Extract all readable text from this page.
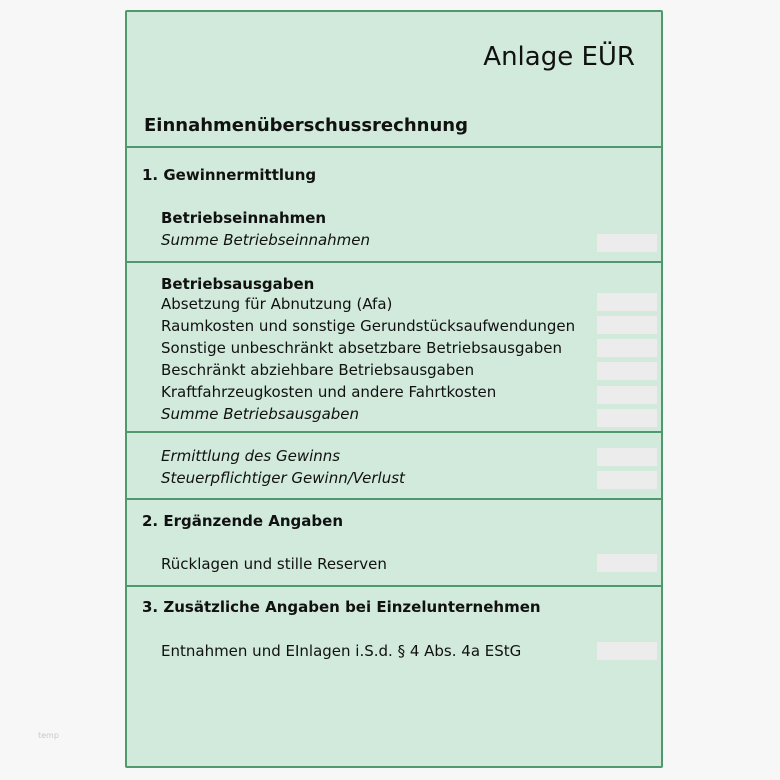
Anlage EÜR
Einnahmenüberschussrechnung
1. Gewinnermittlung
Betriebseinnahmen
Summe Betriebseinnahmen
Betriebsausgaben
Absetzung für Abnutzung (Afa)
Raumkosten und sonstige Gerundstücksaufwendungen
Sonstige unbeschränkt absetzbare Betriebsausgaben
Beschränkt abziehbare Betriebsausgaben
Kraftfahrzeugkosten und andere Fahrtkosten
Summe Betriebsausgaben
Ermittlung des Gewinns
Steuerpflichtiger Gewinn/Verlust
2. Ergänzende Angaben
Rücklagen und stille Reserven
3. Zusätzliche Angaben bei Einzelunternehmen
Entnahmen und EInlagen i.S.d. § 4 Abs. 4a EStG
temp
